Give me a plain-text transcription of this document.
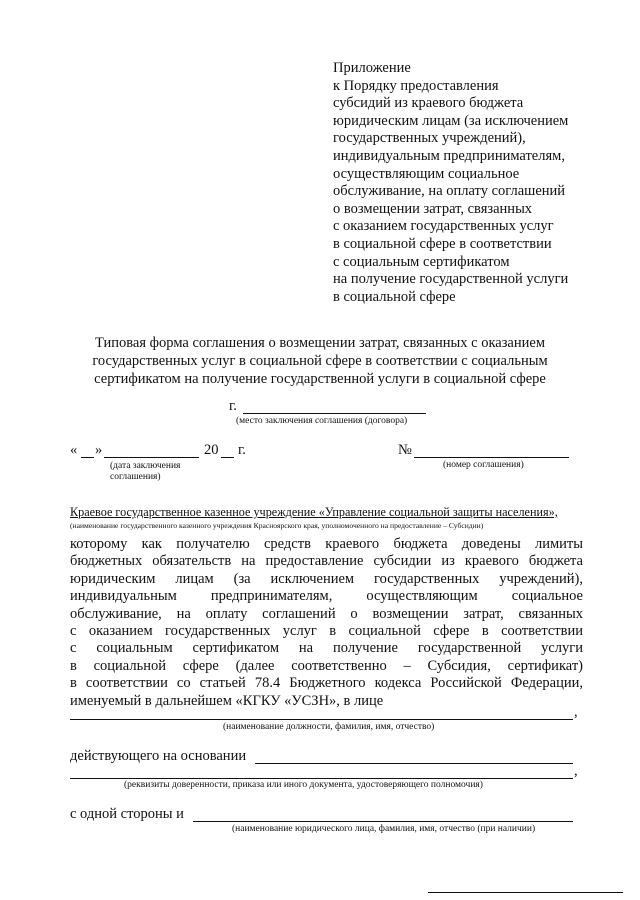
Приложение
к Порядку предоставления
субсидий из краевого бюджета
юридическим лицам (за исключением
государственных учреждений),
индивидуальным предпринимателям,
осуществляющим социальное
обслуживание, на оплату соглашений
о возмещении затрат, связанных
с оказанием государственных услуг
в социальной сфере в соответствии
с социальным сертификатом
на получение государственной услуги
в социальной сфере
Типовая форма соглашения о возмещении затрат, связанных с оказанием
государственных услуг в социальной сфере в соответствии с социальным
сертификатом на получение государственной услуги в социальной сфере
г.
(место заключения соглашения (договора)
« »	20 г.
(дата заключения
соглашения)
№
(номер соглашения)
Краевое государственное казенное учреждение «Управление социальной защиты населения»,
(наименование государственного казенного учреждения Красноярского края, уполномоченного на предоставление – Субсидии)
которому как получателю средств краевого бюджета доведены лимиты
бюджетных обязательств на предоставление субсидии из краевого бюджета
юридическим лицам (за исключением государственных учреждений),
индивидуальным предпринимателям, осуществляющим социальное
обслуживание, на оплату соглашений о возмещении затрат, связанных
с оказанием государственных услуг в социальной сфере в соответствии
с социальным сертификатом на получение государственной услуги
в социальной сфере (далее соответственно – Субсидия, сертификат)
в соответствии со статьей 78.4 Бюджетного кодекса Российской Федерации,
именуемый в дальнейшем «КГКУ «УСЗН», в лице
,
(наименование должности, фамилия, имя, отчество)
действующего на основании
,
(реквизиты доверенности, приказа или иного документа, удостоверяющего полномочия)
с одной стороны и
(наименование юридического лица, фамилия, имя, отчество (при наличии)
